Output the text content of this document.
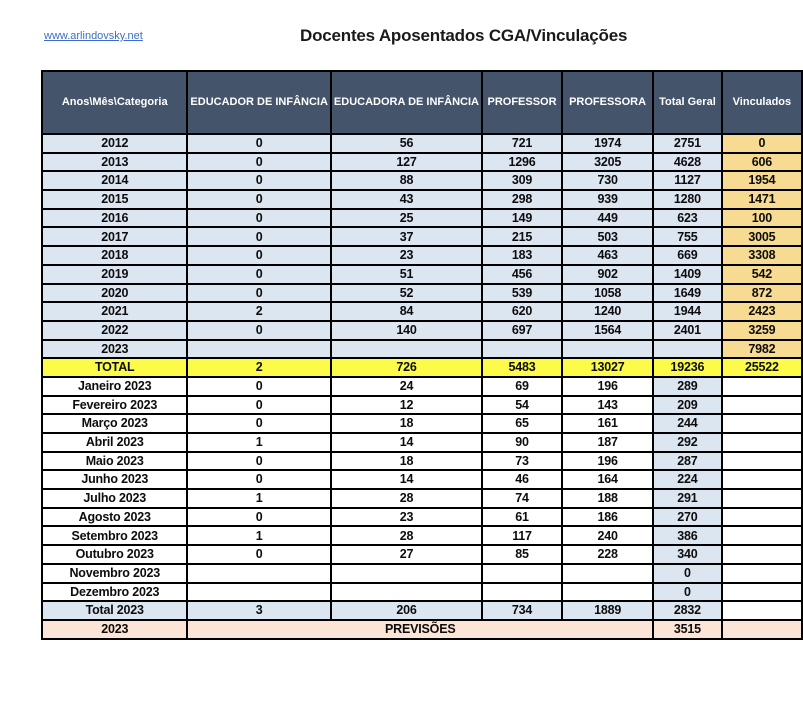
www.arlindovsky.net	Docentes Aposentados CGA/Vinculações
Anos\Mês\Categoria	EDUCADOR DE INFÂNCIA	EDUCADORA DE INFÂNCIA	PROFESSOR	PROFESSORA	Total Geral	Vinculados
2012	0	56	721	1974	2751	0
2013	0	127	1296	3205	4628	606
2014	0	88	309	730	1127	1954
2015	0	43	298	939	1280	1471
2016	0	25	149	449	623	100
2017	0	37	215	503	755	3005
2018	0	23	183	463	669	3308
2019	0	51	456	902	1409	542
2020	0	52	539	1058	1649	872
2021	2	84	620	1240	1944	2423
2022	0	140	697	1564	2401	3259
2023						7982
TOTAL	2	726	5483	13027	19236	25522
Janeiro 2023	0	24	69	196	289	
Fevereiro 2023	0	12	54	143	209	
Março 2023	0	18	65	161	244	
Abril 2023	1	14	90	187	292	
Maio 2023	0	18	73	196	287	
Junho 2023	0	14	46	164	224	
Julho 2023	1	28	74	188	291	
Agosto 2023	0	23	61	186	270	
Setembro 2023	1	28	117	240	386	
Outubro 2023	0	27	85	228	340	
Novembro 2023					0	
Dezembro 2023					0	
Total 2023	3	206	734	1889	2832	
2023	PREVISÕES				3515	
